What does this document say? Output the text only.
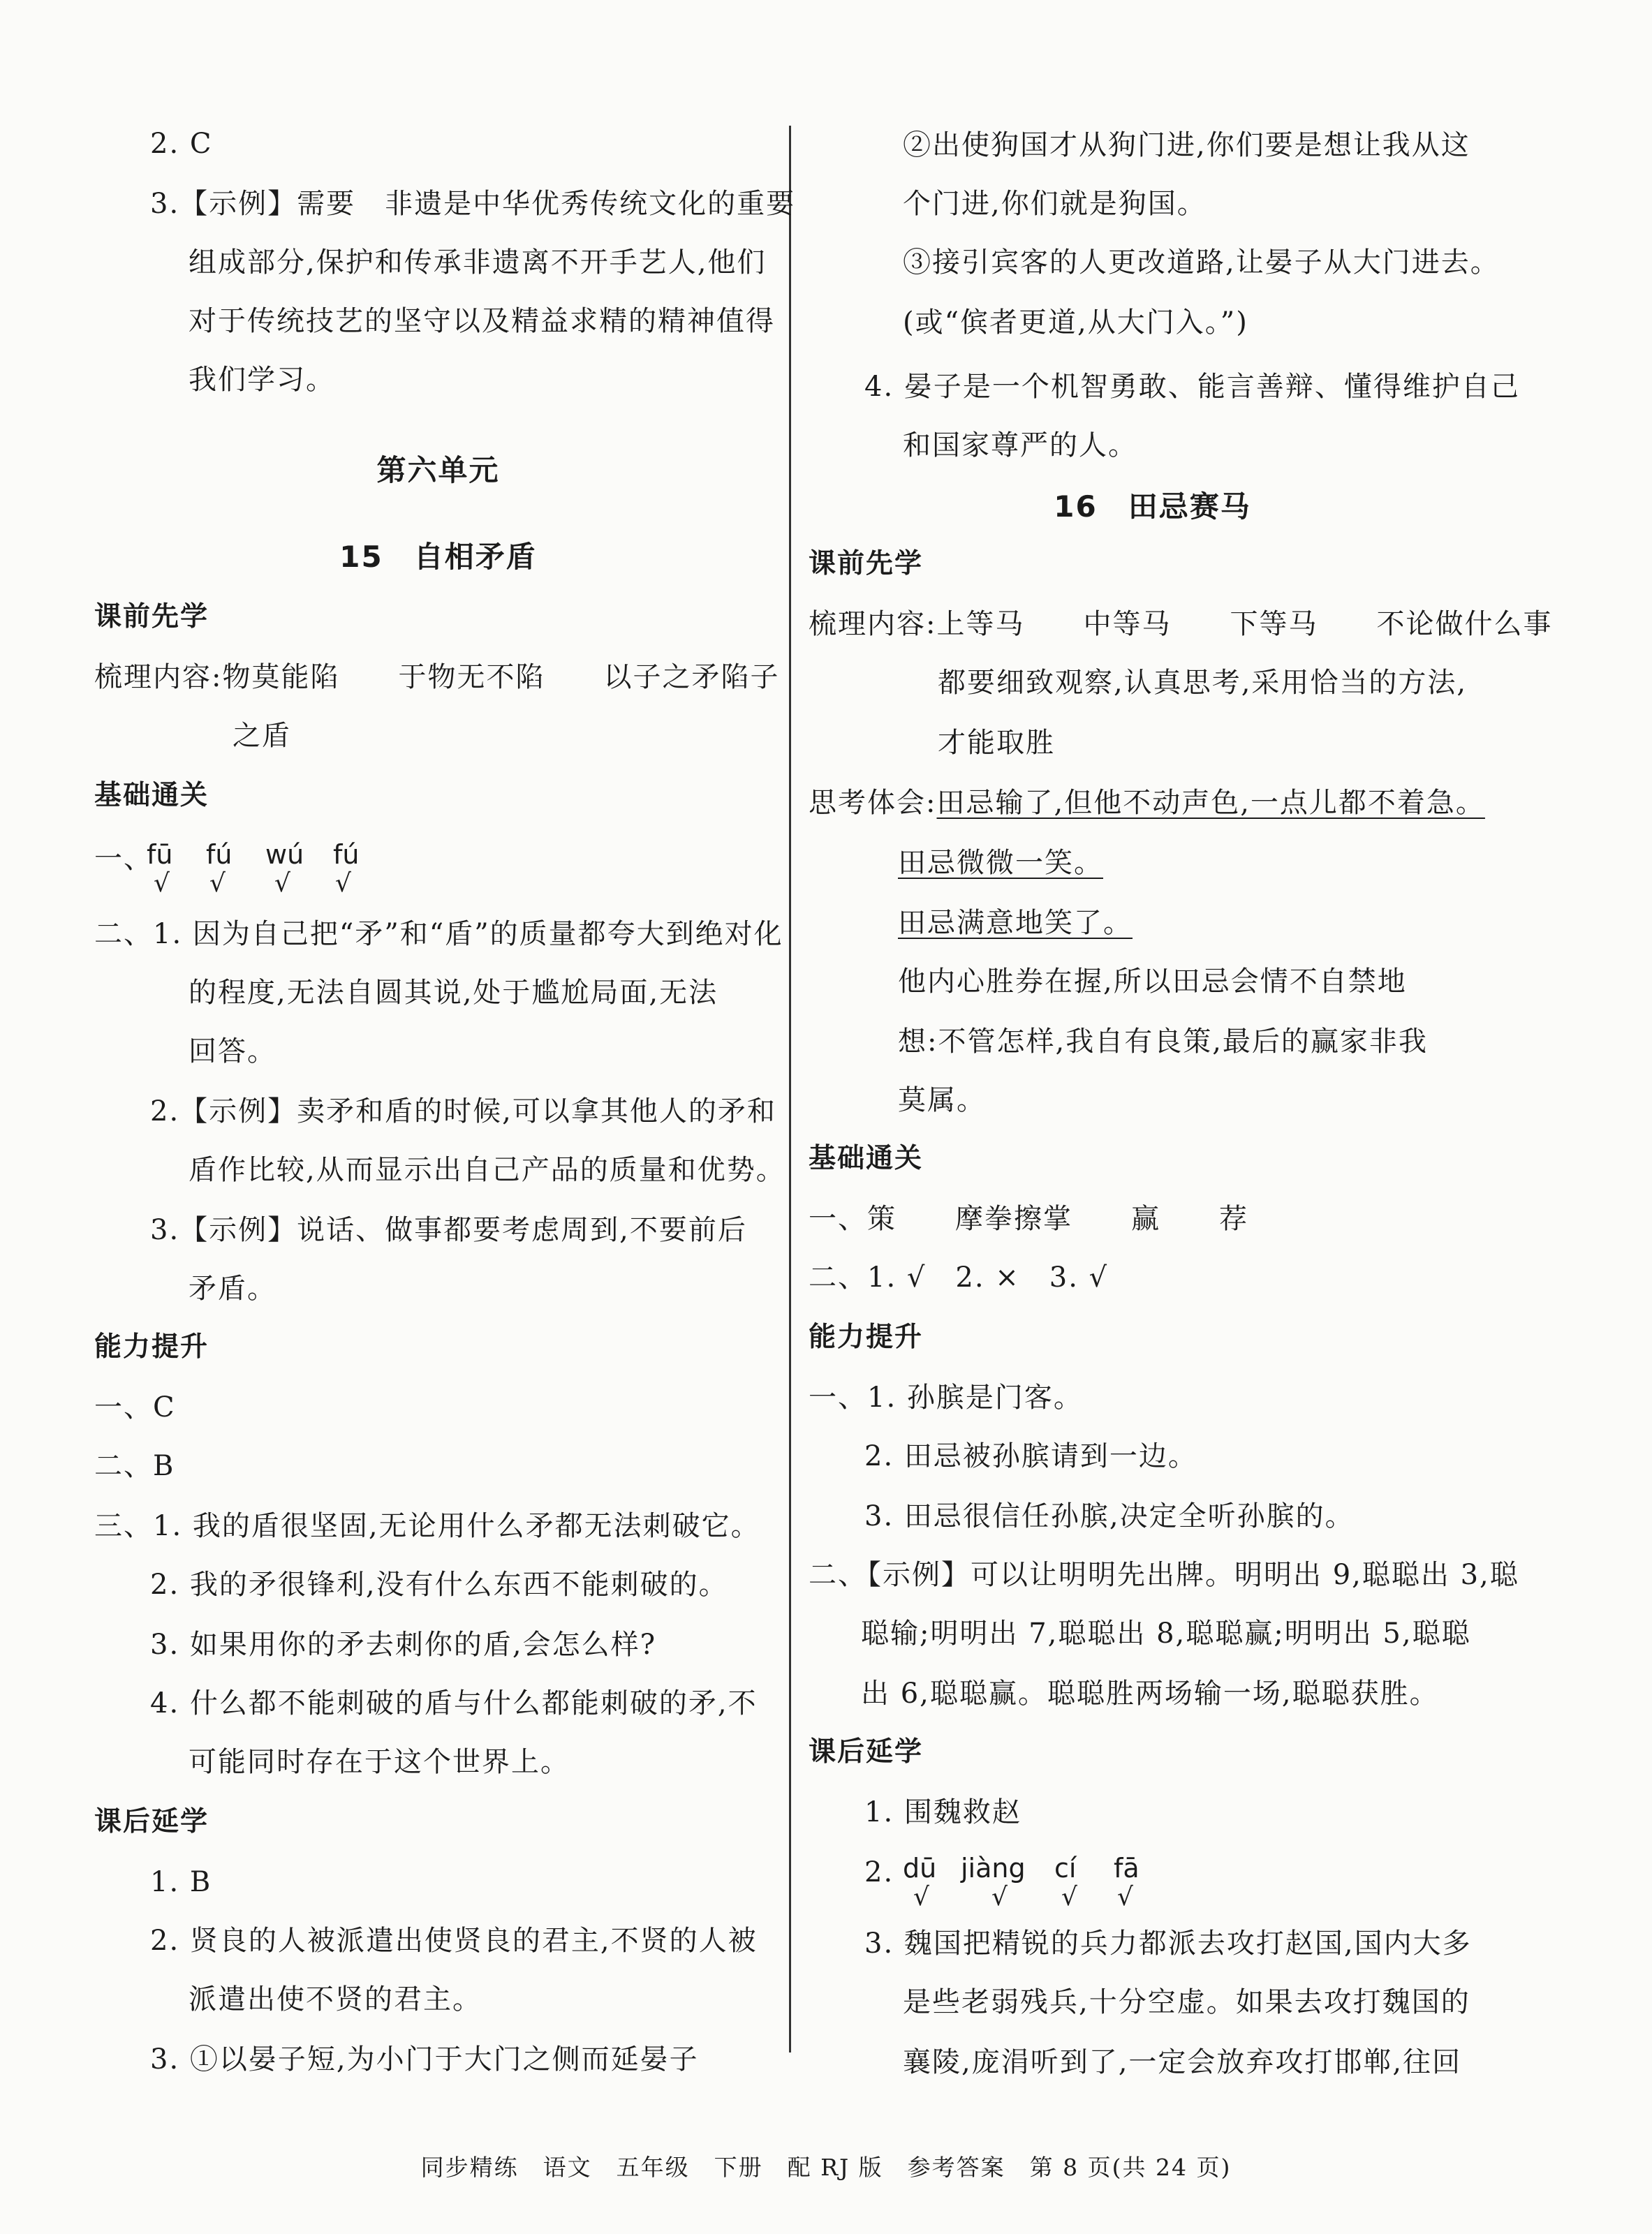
2. C
3.【示例】需要　非遗是中华优秀传统文化的重要
组成部分,保护和传承非遗离不开手艺人,他们
对于传统技艺的坚守以及精益求精的精神值得
我们学习。
第六单元
15　自相矛盾
课前先学
梳理内容:物莫能陷　　于物无不陷　　以子之矛陷子
之盾
基础通关
一、
fū fú wú fú
√ √ √ √
二、1. 因为自己把“矛”和“盾”的质量都夸大到绝对化
的程度,无法自圆其说,处于尴尬局面,无法
回答。
2.【示例】卖矛和盾的时候,可以拿其他人的矛和
盾作比较,从而显示出自己产品的质量和优势。
3.【示例】说话、做事都要考虑周到,不要前后
矛盾。
能力提升
一、C
二、B
三、1. 我的盾很坚固,无论用什么矛都无法刺破它。
2. 我的矛很锋利,没有什么东西不能刺破的。
3. 如果用你的矛去刺你的盾,会怎么样?
4. 什么都不能刺破的盾与什么都能刺破的矛,不
可能同时存在于这个世界上。
课后延学
1. B
2. 贤良的人被派遣出使贤良的君主,不贤的人被
派遣出使不贤的君主。
3. ①以晏子短,为小门于大门之侧而延晏子
②出使狗国才从狗门进,你们要是想让我从这
个门进,你们就是狗国。
③接引宾客的人更改道路,让晏子从大门进去。
(或“傧者更道,从大门入。”)
4. 晏子是一个机智勇敢、能言善辩、懂得维护自己
和国家尊严的人。
16　田忌赛马
课前先学
梳理内容:上等马　　中等马　　下等马　　不论做什么事
都要细致观察,认真思考,采用恰当的方法,
才能取胜
思考体会:田忌输了,但他不动声色,一点儿都不着急。
田忌微微一笑。
田忌满意地笑了。
他内心胜券在握,所以田忌会情不自禁地
想:不管怎样,我自有良策,最后的赢家非我
莫属。
基础通关
一、策　　摩拳擦掌　　赢　　荐
二、1. √　2. ×　3. √
能力提升
一、1. 孙膑是门客。
2. 田忌被孙膑请到一边。
3. 田忌很信任孙膑,决定全听孙膑的。
二、【示例】可以让明明先出牌。明明出 9,聪聪出 3,聪
聪输;明明出 7,聪聪出 8,聪聪赢;明明出 5,聪聪
出 6,聪聪赢。聪聪胜两场输一场,聪聪获胜。
课后延学
1. 围魏救赵
2. dū jiàng cí fā
√ √ √ √
3. 魏国把精锐的兵力都派去攻打赵国,国内大多
是些老弱残兵,十分空虚。如果去攻打魏国的
襄陵,庞涓听到了,一定会放弃攻打邯郸,往回
同步精练　语文　五年级　下册　配 RJ 版　参考答案　第 8 页(共 24 页)
